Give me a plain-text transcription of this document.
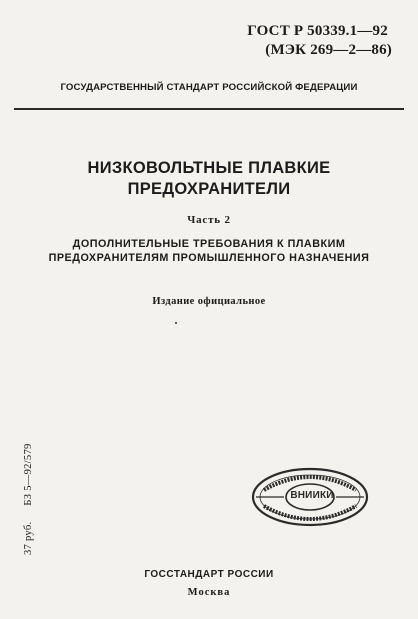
ГОСТ Р 50339.1—92
(МЭК 269—2—86)
ГОСУДАРСТВЕННЫЙ СТАНДАРТ РОССИЙСКОЙ ФЕДЕРАЦИИ
НИЗКОВОЛЬТНЫЕ ПЛАВКИЕ
ПРЕДОХРАНИТЕЛИ
Часть 2
ДОПОЛНИТЕЛЬНЫЕ ТРЕБОВАНИЯ К ПЛАВКИМ
ПРЕДОХРАНИТЕЛЯМ ПРОМЫШЛЕННОГО НАЗНАЧЕНИЯ
Издание официальное
37 руб.БЗ 5—92/579	ВНИИКИ
ГОССТАНДАРТ РОССИИ
Москва
